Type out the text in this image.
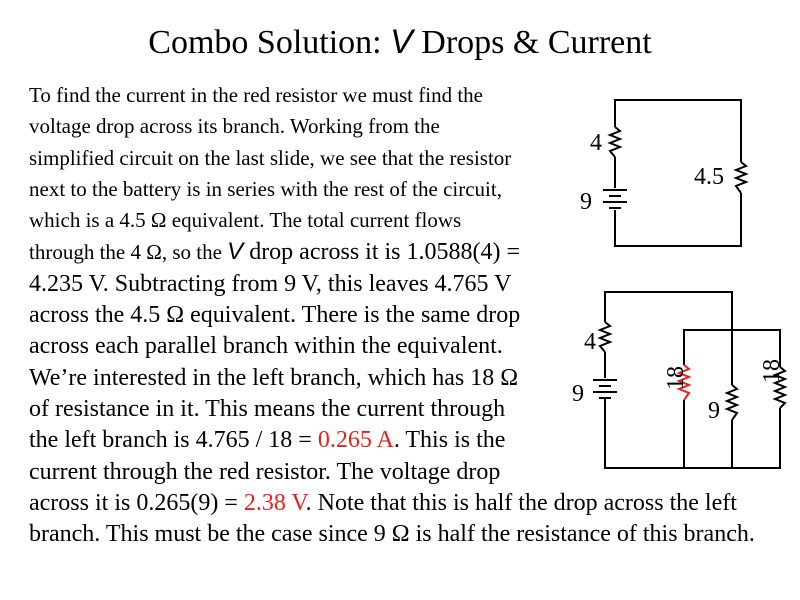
Combo Solution: V Drops & Current
To find the current in the red resistor we must find the voltage drop across its branch. Working from the simplified circuit on the last slide, we see that the resistor next to the battery is in series with the rest of the circuit, which is a 4.5 Ω equivalent. The total current flows through the 4 Ω, so the V drop across it is 1.0588(4) = 4.235 V. Subtracting from 9 V, this leaves 4.765 V across the 4.5 Ω equivalent. There is the same drop across each parallel branch within the equivalent. We’re interested in the left branch, which has 18 Ω of resistance in it. This means the current through the left branch is 4.765 / 18 = 0.265 A. This is the current through the red resistor. The voltage drop across it is 0.265(9) = 2.38 V. Note that this is half the drop across the left branch. This must be the case since 9 Ω is half the resistance of this branch.
4
9
4.5
4
9
18
9
18
